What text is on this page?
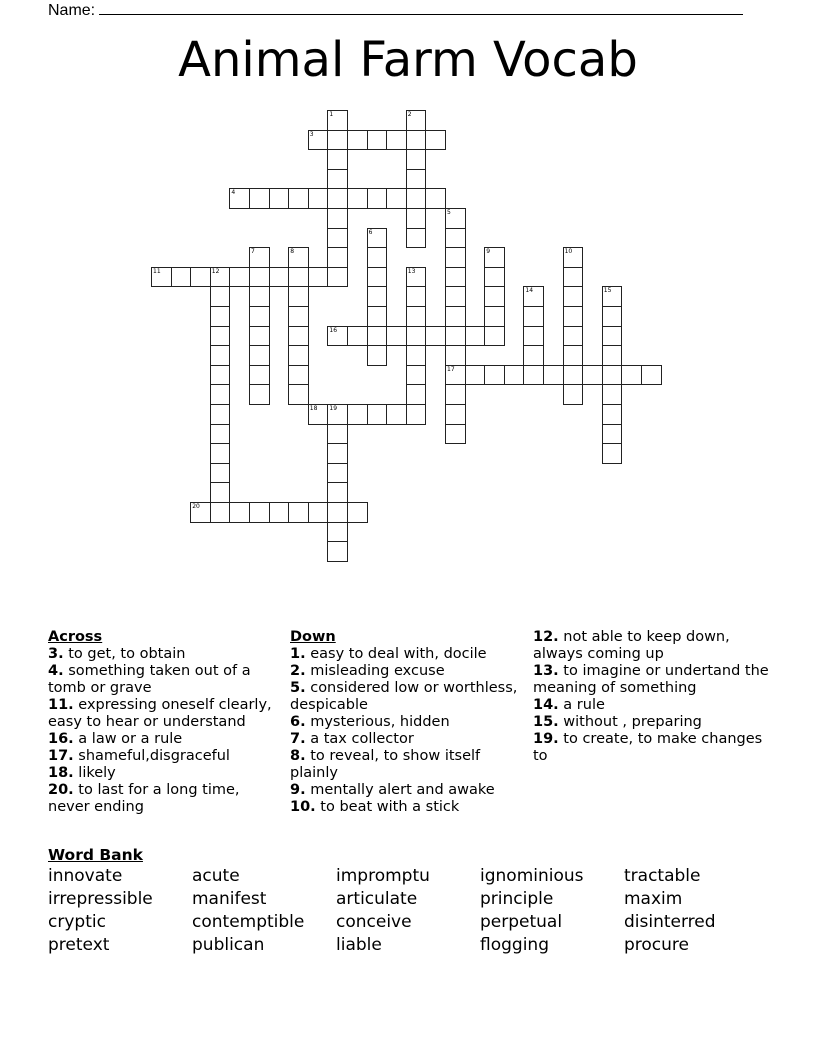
Name:
Animal Farm Vocab
1	2
3
4
5
17
6
7	8	9	10
11	12	13
14	15
16
18 19
20
Across
3. to get, to obtain
4. something taken out of a tomb or grave
11. expressing oneself clearly, easy to hear or understand
16. a law or a rule
17. shameful,disgraceful
18. likely
20. to last for a long time, never ending
Down
1. easy to deal with, docile
2. misleading excuse
5. considered low or worthless, despicable
6. mysterious, hidden
7. a tax collector
8. to reveal, to show itself plainly
9. mentally alert and awake
10. to beat with a stick
12. not able to keep down, always coming up
13. to imagine or undertand the meaning of something
14. a rule
15. without , preparing
19. to create, to make changes to
Word Bank
innovate	acute	impromptu	ignominious	tractable
irrepressible	manifest	articulate	principle	maxim
cryptic	contemptible	conceive	perpetual	disinterred
pretext	publican	liable	flogging	procure
